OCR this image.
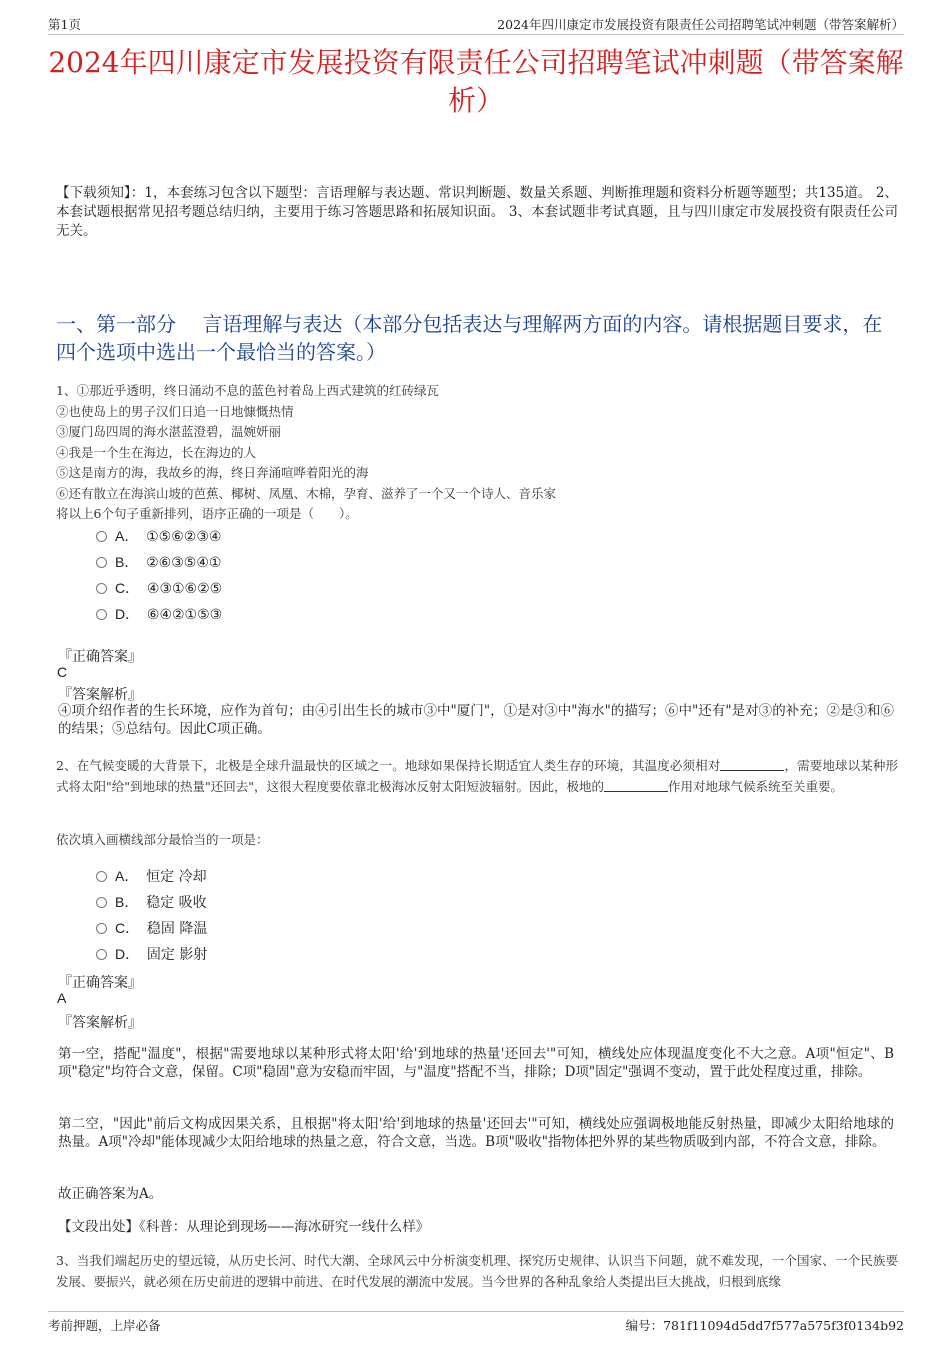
第1页	2024年四川康定市发展投资有限责任公司招聘笔试冲刺题（带答案解析）
2024年四川康定市发展投资有限责任公司招聘笔试冲刺题（带答案解析）
【下载须知】：1，本套练习包含以下题型：言语理解与表达题、常识判断题、数量关系题、判断推理题和资料分析题等题型；共135道。 2、本套试题根据常见招考题总结归纳，主要用于练习答题思路和拓展知识面。 3、本套试题非考试真题，且与四川康定市发展投资有限责任公司无关。
一、第一部分　 言语理解与表达（本部分包括表达与理解两方面的内容。请根据题目要求，在四个选项中选出一个最恰当的答案。）
1、①那近乎透明，终日涌动不息的蓝色衬着岛上西式建筑的红砖绿瓦
②也使岛上的男子汉们日追一日地慷慨热情
③厦门岛四周的海水湛蓝澄碧，温婉妍丽
④我是一个生在海边，长在海边的人
⑤这是南方的海，我故乡的海，终日奔涌喧哗着阳光的海
⑥还有散立在海滨山坡的芭蕉、椰树、凤凰、木棉，孕育、滋养了一个又一个诗人、音乐家
将以上6个句子重新排列，语序正确的一项是（　　）。
A． ①⑤⑥②③④
B． ②⑥③⑤④①
C． ④③①⑥②⑤
D． ⑥④②①⑤③
『正确答案』
C
『答案解析』
④项介绍作者的生长环境，应作为首句；由④引出生长的城市③中"厦门"，①是对③中"海水"的描写；⑥中"还有"是对③的补充；②是③和⑥的结果；⑤总结句。因此C项正确。
2、在气候变暖的大背景下，北极是全球升温最快的区域之一。地球如果保持长期适宜人类生存的环境，其温度必须相对	，需要地球以某种形式将太阳"给"到地球的热量"还回去"，这很大程度要依靠北极海冰反射太阳短波辐射。因此，极地的	作用对地球气候系统至关重要。
依次填入画横线部分最恰当的一项是：
A． 恒定 冷却
B． 稳定 吸收
C． 稳固 降温
D． 固定 影射
『正确答案』
A
『答案解析』
第一空，搭配"温度"，根据"需要地球以某种形式将太阳'给'到地球的热量'还回去'"可知，横线处应体现温度变化不大之意。A项"恒定"、B项"稳定"均符合文意，保留。C项"稳固"意为安稳而牢固，与"温度"搭配不当，排除；D项"固定"强调不变动，置于此处程度过重，排除。
第二空，"因此"前后文构成因果关系，且根据"将太阳'给'到地球的热量'还回去'"可知，横线处应强调极地能反射热量，即减少太阳给地球的热量。A项"冷却"能体现减少太阳给地球的热量之意，符合文意，当选。B项"吸收"指物体把外界的某些物质吸到内部，不符合文意，排除。
故正确答案为A。
【文段出处】《科普：从理论到现场——海冰研究一线什么样》
3、当我们端起历史的望远镜，从历史长河、时代大潮、全球风云中分析演变机理、探究历史规律、认识当下问题，就不难发现，一个国家、一个民族要发展、要振兴，就必须在历史前进的逻辑中前进、在时代发展的潮流中发展。当今世界的各种乱象给人类提出巨大挑战，归根到底缘
考前押题，上岸必备	编号：781f11094d5dd7f577a575f3f0134b92
